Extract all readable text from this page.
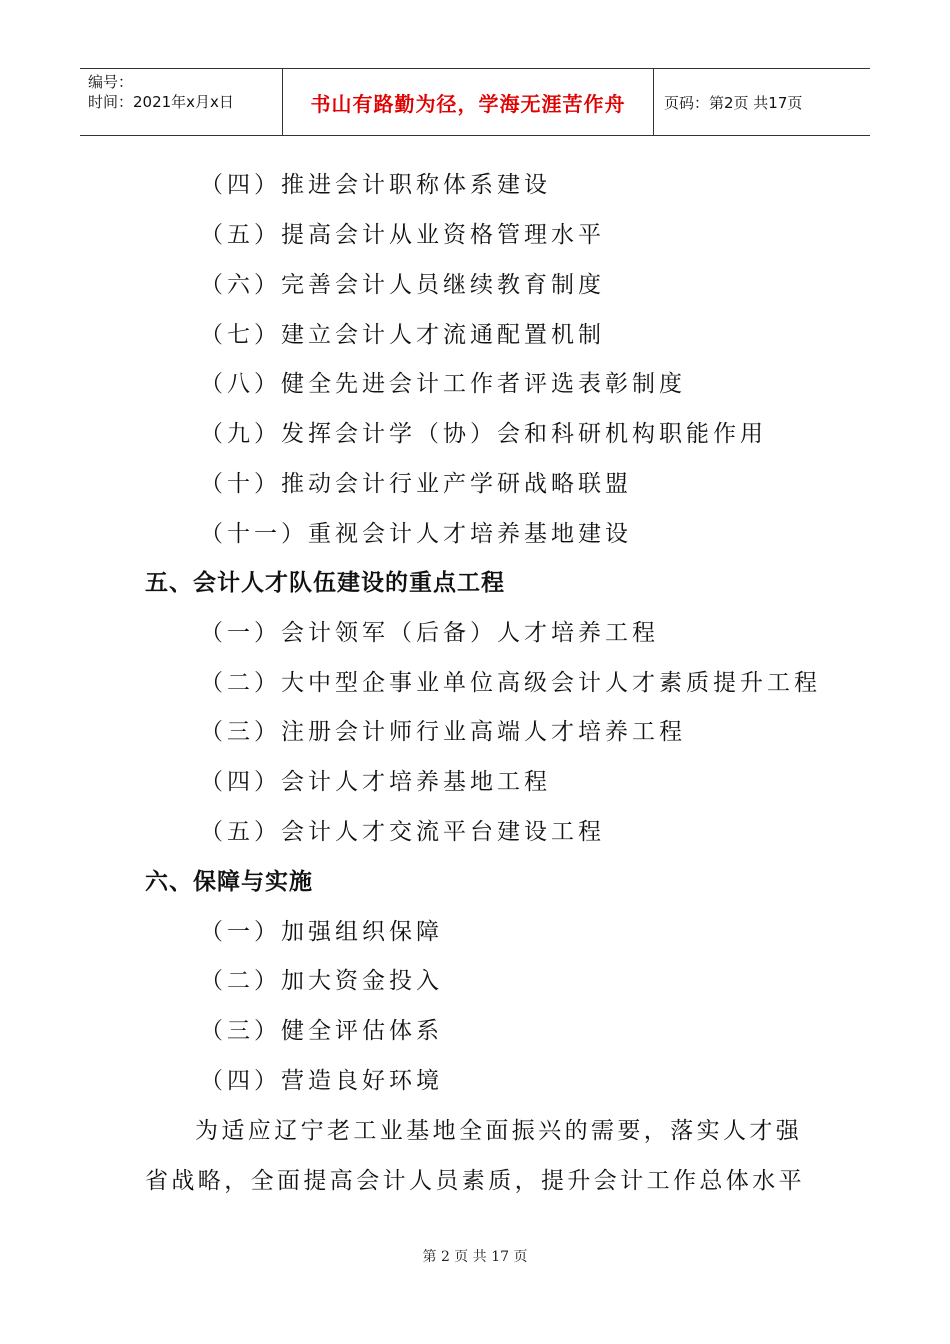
编号：
时间：2021年x月x日	书山有路勤为径，学海无涯苦作舟	页码：第2页 共17页
（四）推进会计职称体系建设
（五）提高会计从业资格管理水平
（六）完善会计人员继续教育制度
（七）建立会计人才流通配置机制
（八）健全先进会计工作者评选表彰制度
（九）发挥会计学（协）会和科研机构职能作用
（十）推动会计行业产学研战略联盟
（十一）重视会计人才培养基地建设
五、会计人才队伍建设的重点工程
（一）会计领军（后备）人才培养工程
（二）大中型企事业单位高级会计人才素质提升工程
（三）注册会计师行业高端人才培养工程
（四）会计人才培养基地工程
（五）会计人才交流平台建设工程
六、保障与实施
（一）加强组织保障
（二）加大资金投入
（三）健全评估体系
（四）营造良好环境
为适应辽宁老工业基地全面振兴的需要，落实人才强
省战略，全面提高会计人员素质，提升会计工作总体水平
第 2 页 共 17 页
